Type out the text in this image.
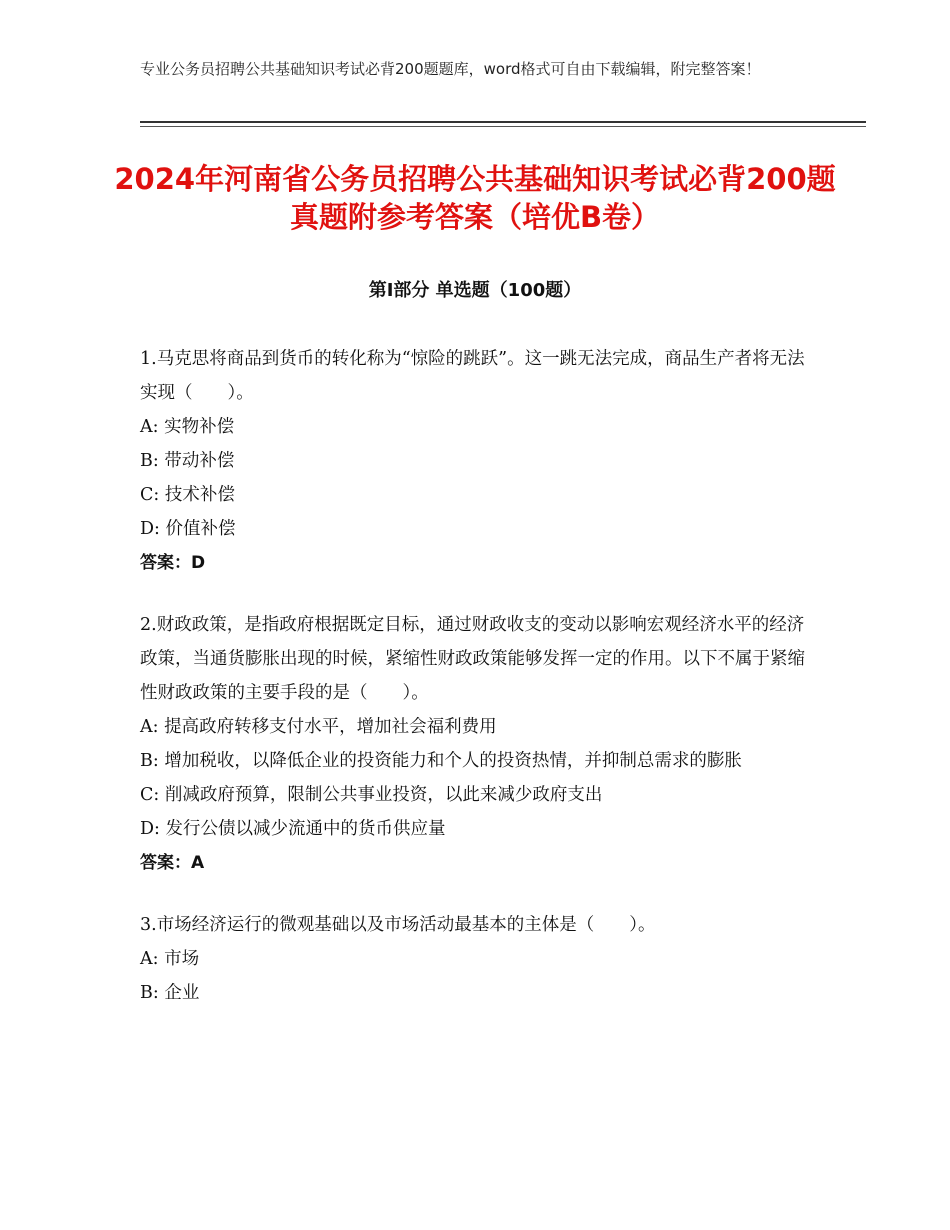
专业公务员招聘公共基础知识考试必背200题题库，word格式可自由下载编辑，附完整答案！
2024年河南省公务员招聘公共基础知识考试必背200题真题附参考答案（培优B卷）
第I部分 单选题（100题）
1.马克思将商品到货币的转化称为“惊险的跳跃”。这一跳无法完成，商品生产者将无法实现（　　）。
A: 实物补偿
B: 带动补偿
C: 技术补偿
D: 价值补偿
答案：D
2.财政政策，是指政府根据既定目标，通过财政收支的变动以影响宏观经济水平的经济政策，当通货膨胀出现的时候，紧缩性财政政策能够发挥一定的作用。以下不属于紧缩性财政政策的主要手段的是（　　）。
A: 提高政府转移支付水平，增加社会福利费用
B: 增加税收，以降低企业的投资能力和个人的投资热情，并抑制总需求的膨胀
C: 削减政府预算，限制公共事业投资，以此来减少政府支出
D: 发行公债以减少流通中的货币供应量
答案：A
3.市场经济运行的微观基础以及市场活动最基本的主体是（　　）。
A: 市场
B: 企业
